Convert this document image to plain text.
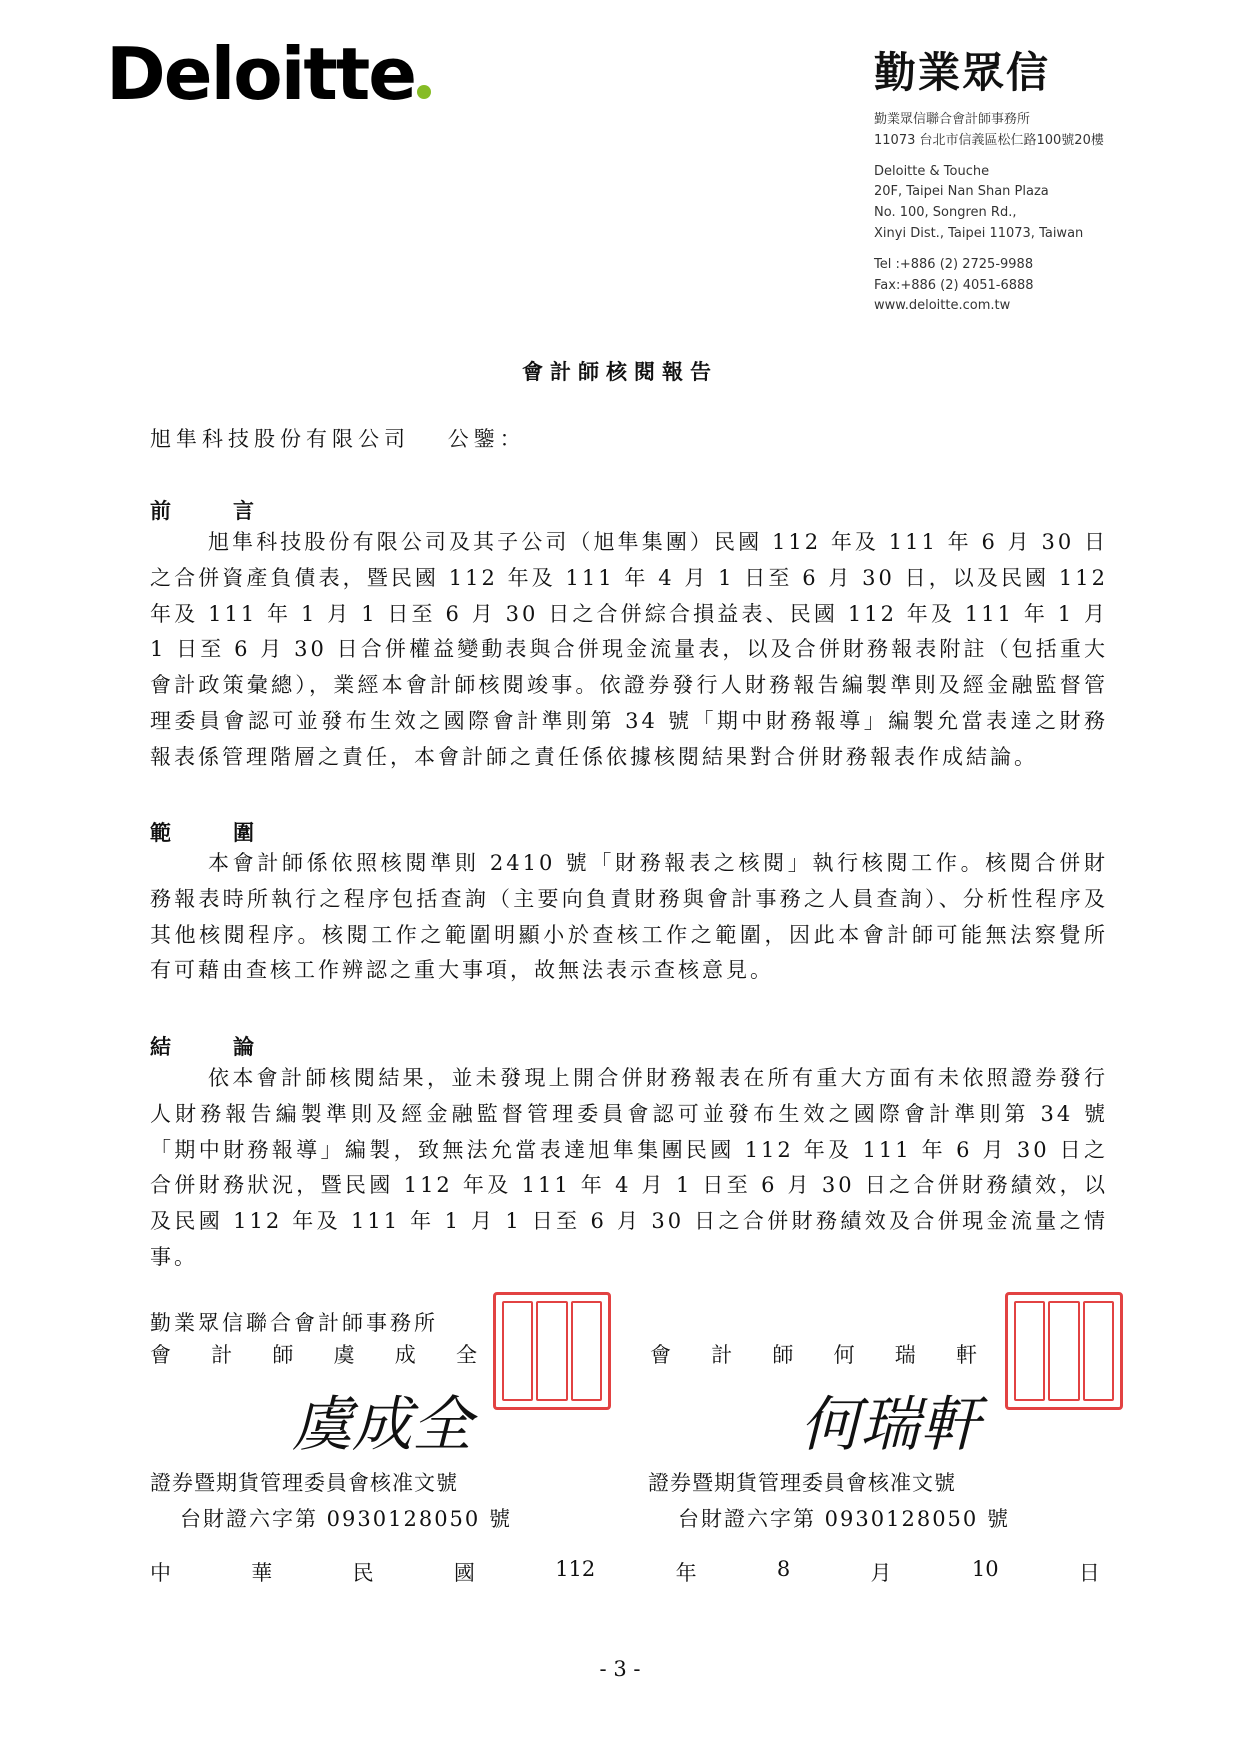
Deloitte	勤業眾信
勤業眾信聯合會計師事務所
11073 台北市信義區松仁路100號20樓
Deloitte & Touche
20F, Taipei Nan Shan Plaza
No. 100, Songren Rd.,
Xinyi Dist., Taipei 11073, Taiwan
Tel :+886 (2) 2725-9988
Fax:+886 (2) 4051-6888
www.deloitte.com.tw
會計師核閱報告
旭隼科技股份有限公司　 公鑒：
前	言
旭隼科技股份有限公司及其子公司（旭隼集團）民國 112 年及 111 年 6 月 30 日之合併資產負債表，暨民國 112 年及 111 年 4 月 1 日至 6 月 30 日，以及民國 112 年及 111 年 1 月 1 日至 6 月 30 日之合併綜合損益表、民國 112 年及 111 年 1 月 1 日至 6 月 30 日合併權益變動表與合併現金流量表，以及合併財務報表附註（包括重大會計政策彙總），業經本會計師核閱竣事。依證券發行人財務報告編製準則及經金融監督管理委員會認可並發布生效之國際會計準則第 34 號「期中財務報導」編製允當表達之財務報表係管理階層之責任，本會計師之責任係依據核閱結果對合併財務報表作成結論。
範	圍
本會計師係依照核閱準則 2410 號「財務報表之核閱」執行核閱工作。核閱合併財務報表時所執行之程序包括查詢（主要向負責財務與會計事務之人員查詢）、分析性程序及其他核閱程序。核閱工作之範圍明顯小於查核工作之範圍，因此本會計師可能無法察覺所有可藉由查核工作辨認之重大事項，故無法表示查核意見。
結	論
依本會計師核閱結果，並未發現上開合併財務報表在所有重大方面有未依照證券發行人財務報告編製準則及經金融監督管理委員會認可並發布生效之國際會計準則第 34 號「期中財務報導」編製，致無法允當表達旭隼集團民國 112 年及 111 年 6 月 30 日之合併財務狀況，暨民國 112 年及 111 年 4 月 1 日至 6 月 30 日之合併財務績效，以及民國 112 年及 111 年 1 月 1 日至 6 月 30 日之合併財務績效及合併現金流量之情事。
勤業眾信聯合會計師事務所
會 計 師 虞 成 全
虞成全
證券暨期貨管理委員會核准文號
台財證六字第 0930128050 號
會 計 師 何 瑞 軒
何瑞軒
證券暨期貨管理委員會核准文號
台財證六字第 0930128050 號
中	華	民	國	112	年	8	月	10	日
- 3 -
